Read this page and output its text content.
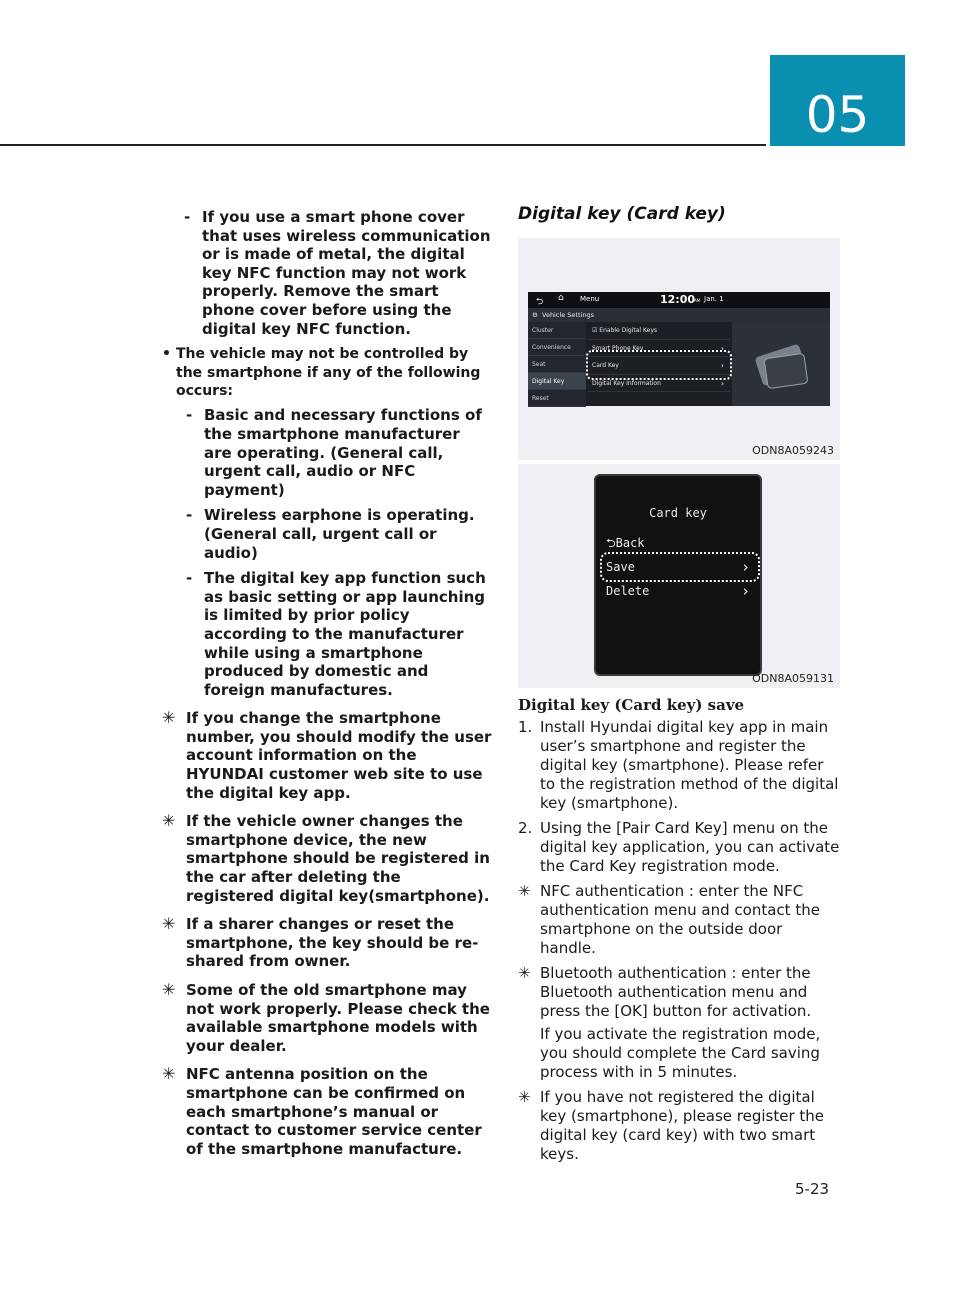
05
- If you use a smart phone cover that uses wireless communication or is made of metal, the digital key NFC function may not work properly. Remove the smart phone cover before using the digital key NFC function.
• The vehicle may not be controlled by the smartphone if any of the following occurs:
- Basic and necessary functions of the smartphone manufacturer are operating. (General call, urgent call, audio or NFC payment)
- Wireless earphone is operating. (General call, urgent call or audio)
- The digital key app function such as basic setting or app launching is limited by prior policy according to the manufacturer while using a smartphone produced by domestic and foreign manufactures.
✳ If you change the smartphone number, you should modify the user account information on the HYUNDAI customer web site to use the digital key app.
✳ If the vehicle owner changes the smartphone device, the new smartphone should be registered in the car after deleting the registered digital key(smartphone).
✳ If a sharer changes or reset the smartphone, the key should be re-shared from owner.
✳ Some of the old smartphone may not work properly. Please check the available smartphone models with your dealer.
✳ NFC antenna position on the smartphone can be confirmed on each smartphone’s manual or contact to customer service center of the smartphone manufacture.
Digital key (Card key)
⮌ ⌂ Menu	12:00
AM Jan. 1
⚙ Vehicle Settings
Cluster
Convenience
Seat
Digital Key
Reset
☑ Enable Digital Keys
Smart Phone Key	›
Card Key	›
Digital Key Information	›
ODN8A059243
Card key
⮌Back
Save	›
Delete	›
ODN8A059131
Digital key (Card key) save
1. Install Hyundai digital key app in main user’s smartphone and register the digital key (smartphone). Please refer to the registration method of the digital key (smartphone).
2. Using the [Pair Card Key] menu on the digital key application, you can activate the Card Key registration mode.
✳ NFC authentication : enter the NFC authentication menu and contact the smartphone on the outside door handle.
✳ Bluetooth authentication : enter the Bluetooth authentication menu and press the [OK] button for activation.
If you activate the registration mode, you should complete the Card saving process with in 5 minutes.
✳ If you have not registered the digital key (smartphone), please register the digital key (card key) with two smart keys.
5-23
